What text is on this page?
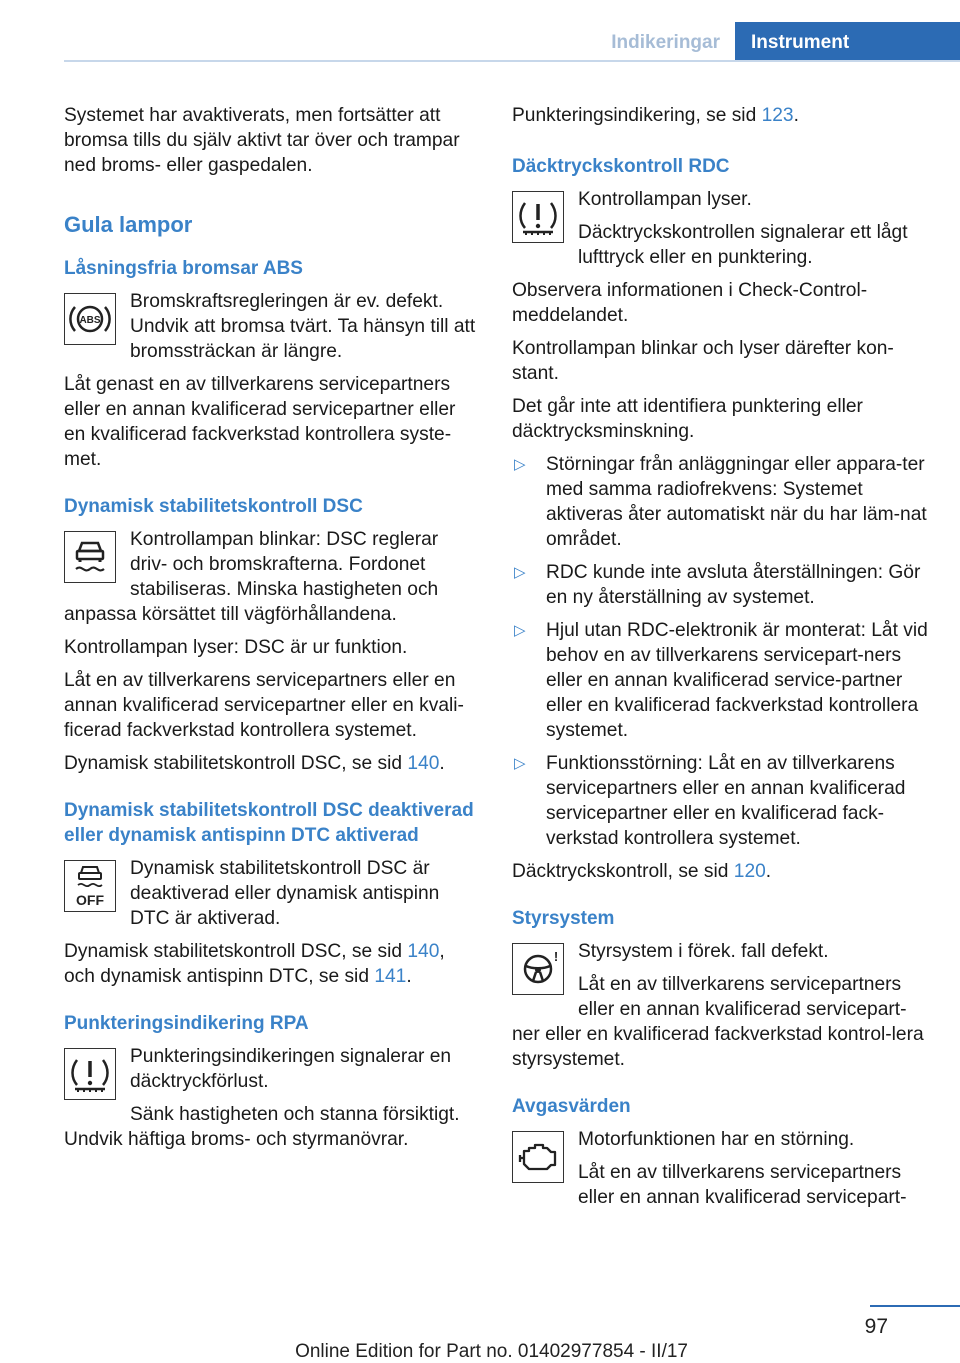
Indikeringar	Instrument

Systemet har avaktiverats, men fortsätter att bromsa tills du själv aktivt tar över och trampar ned broms- eller gaspedalen.

Gula lampor
Låsningsfria bromsar ABS
ABS

Bromskraftsregleringen är ev. defekt. Undvik att bromsa tvärt. Ta hänsyn till att bromssträckan är längre.

Låt genast en av tillverkarens servicepartners eller en annan kvalificerad servicepartner eller en kvalificerad fackverkstad kontrollera syste-met.

Dynamisk stabilitetskontroll DSC

Kontrollampan blinkar: DSC reglerar driv- och bromskrafterna. Fordonet stabiliseras. Minska hastigheten och anpassa körsättet till vägförhållandena.

Kontrollampan lyser: DSC är ur funktion.

Låt en av tillverkarens servicepartners eller en annan kvalificerad servicepartner eller en kvali-ficerad fackverkstad kontrollera systemet.

Dynamisk stabilitetskontroll DSC, se sid 140.

Dynamisk stabilitetskontroll DSC deaktiverad eller dynamisk antispinn DTC aktiverad
OFF

Dynamisk stabilitetskontroll DSC är deaktiverad eller dynamisk antispinn DTC är aktiverad.

Dynamisk stabilitetskontroll DSC, se sid 140,
och dynamisk antispinn DTC, se sid 141.

Punkteringsindikering RPA

Punkteringsindikeringen signalerar en däcktryckförlust.

Sänk hastigheten och stanna försiktigt. Undvik häftiga broms- och styrmanövrar.

Punkteringsindikering, se sid 123.

Däcktryckskontroll RDC

Kontrollampan lyser.

Däcktryckskontrollen signalerar ett lågt lufttryck eller en punktering.

Observera informationen i Check-Control-meddelandet.

Kontrollampan blinkar och lyser därefter kon-stant.

Det går inte att identifiera punktering eller däcktrycksminskning.

▷ Störningar från anläggningar eller appara-ter med samma radiofrekvens: Systemet aktiveras åter automatiskt när du har läm-nat området.
▷ RDC kunde inte avsluta återställningen: Gör en ny återställning av systemet.
▷ Hjul utan RDC-elektronik är monterat: Låt vid behov en av tillverkarens servicepart-ners eller en annan kvalificerad service-partner eller en kvalificerad fackverkstad kontrollera systemet.
▷ Funktionsstörning: Låt en av tillverkarens servicepartners eller en annan kvalificerad servicepartner eller en kvalificerad fack-verkstad kontrollera systemet.

Däcktryckskontroll, se sid 120.

Styrsystem
!	Styrsystem i förek. fall defekt.

Låt en av tillverkarens servicepartners eller en annan kvalificerad servicepart-ner eller en kvalificerad fackverkstad kontrol-lera styrsystemet.

Avgasvärden

Motorfunktionen har en störning.

Låt en av tillverkarens servicepartners eller en annan kvalificerad servicepart-

97
Online Edition for Part no. 01402977854 - II/17
